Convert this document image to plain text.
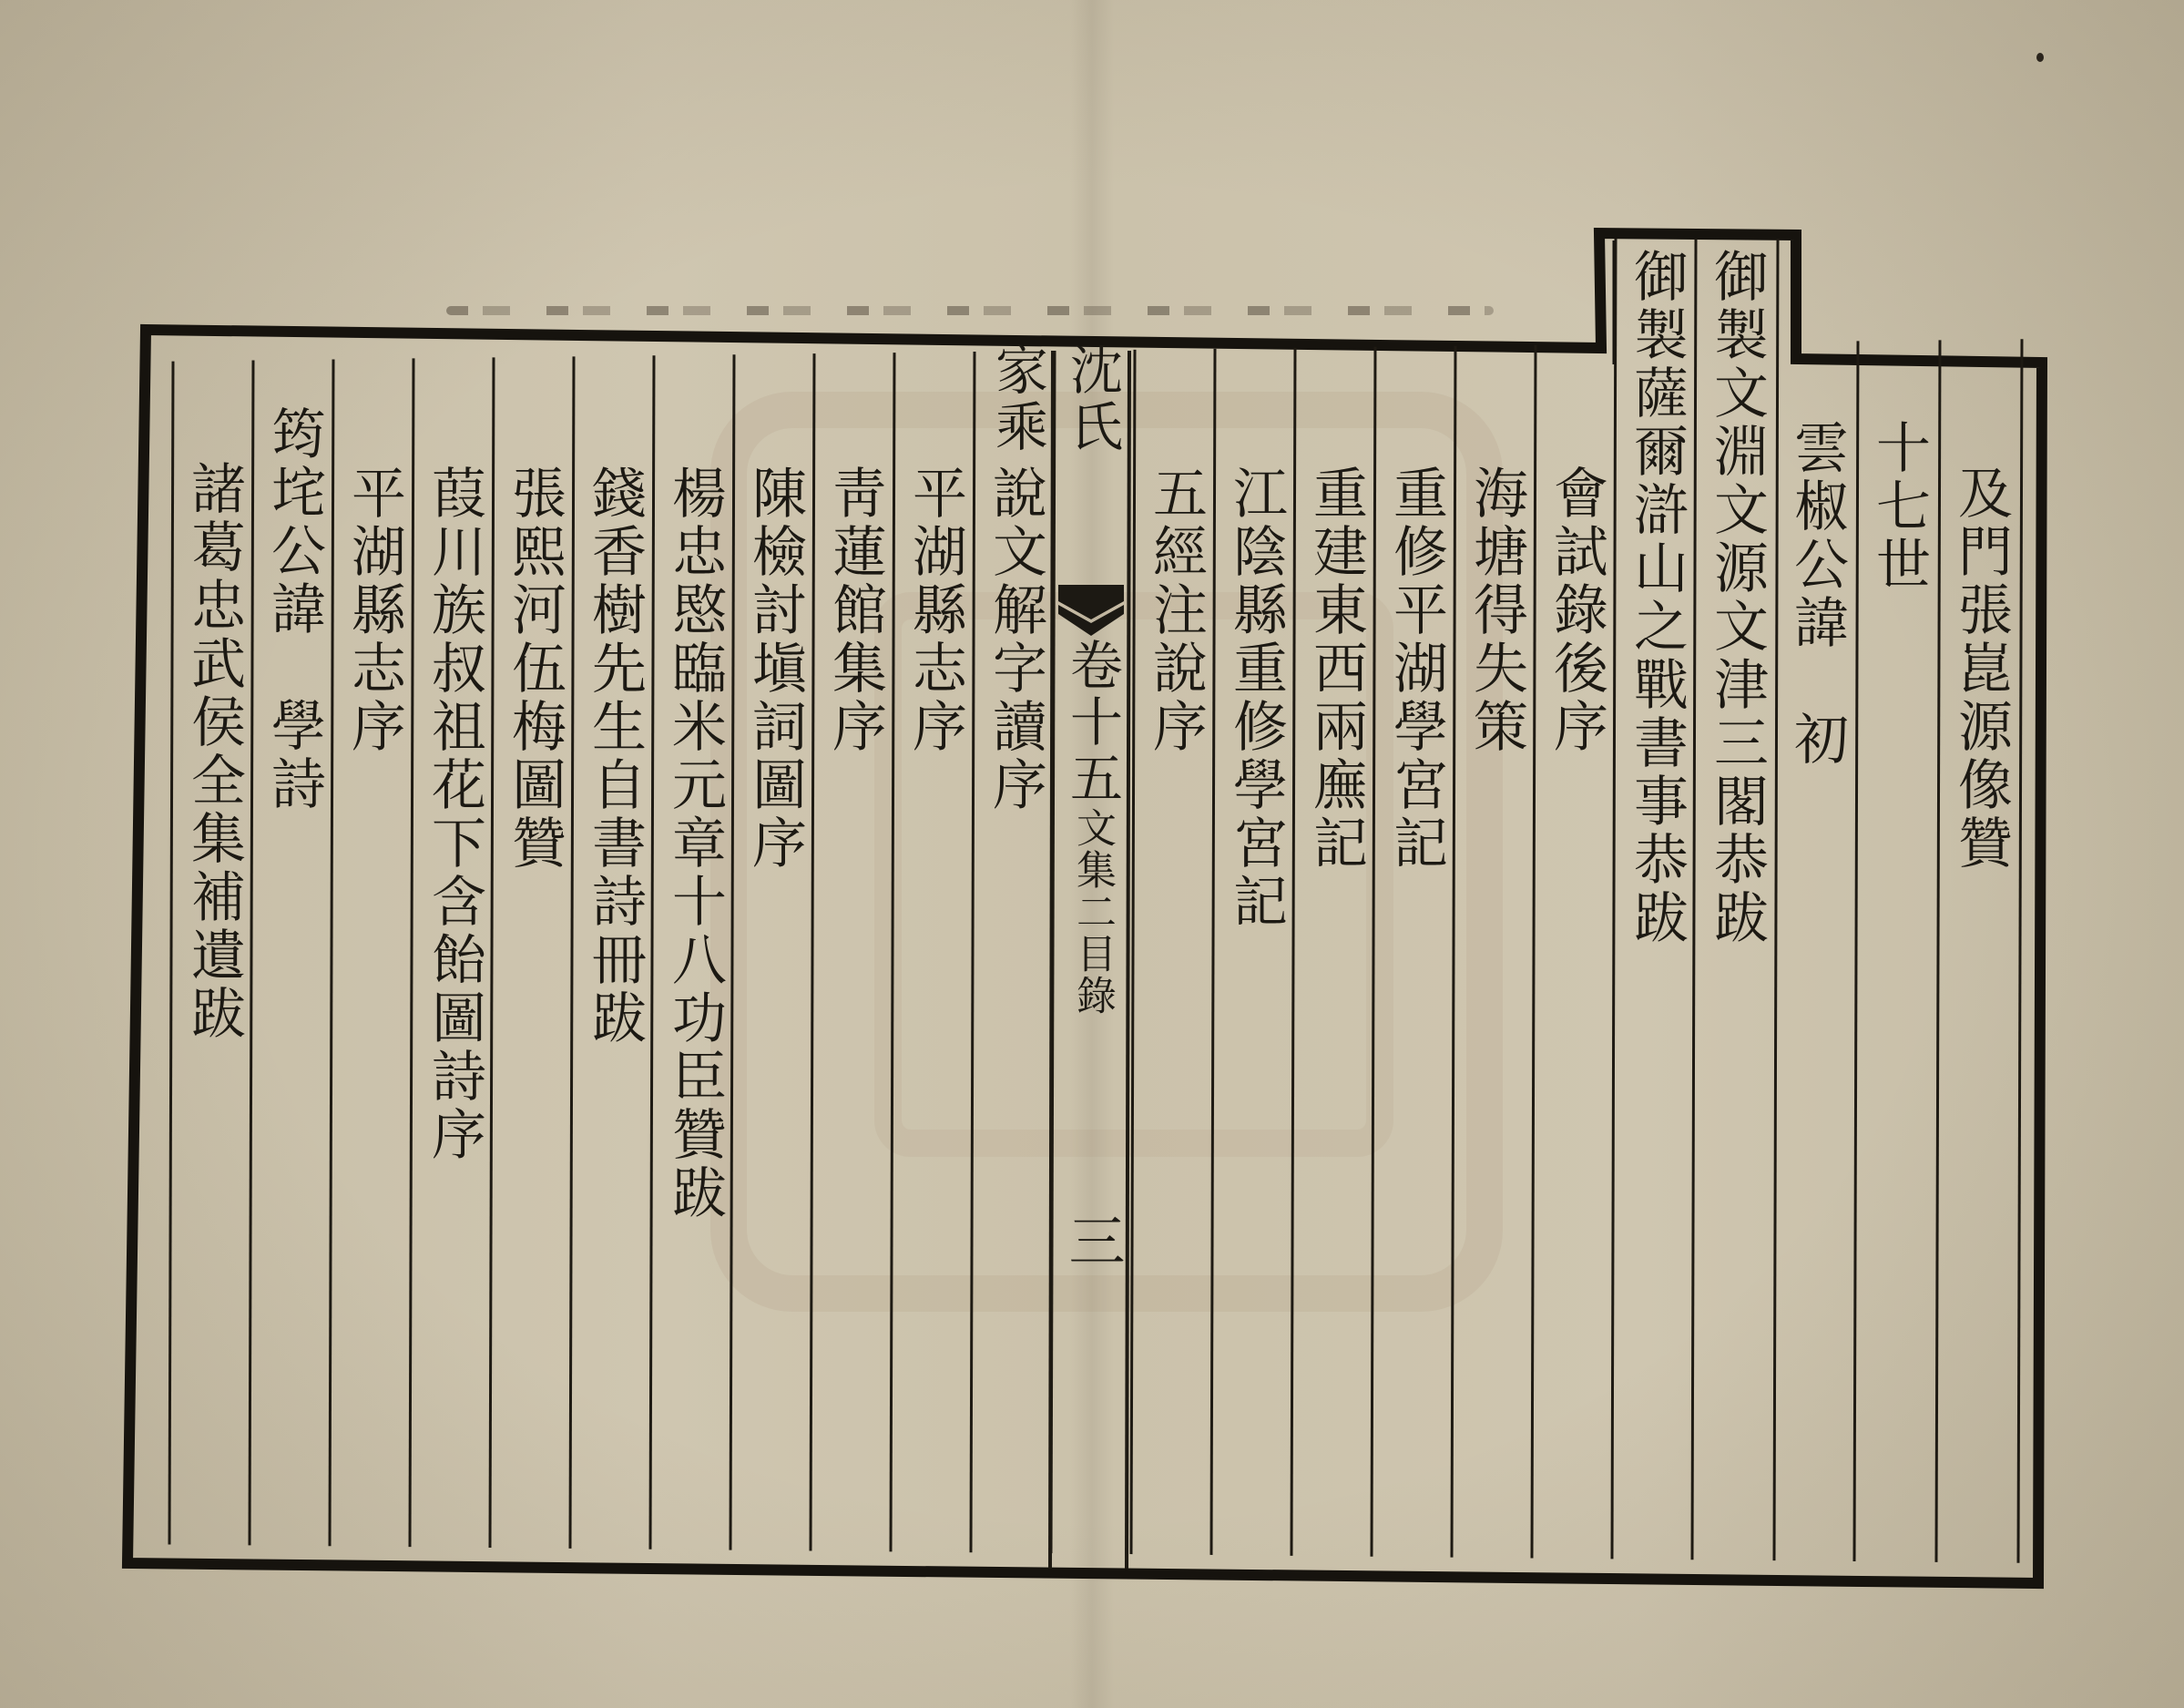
沈氏家乘
卷十五文集二目錄
三
及門張崑源像贊
十七世
雲椒公諱　初
御製文淵文源文津三閣恭跋
御製薩爾滸山之戰書事恭跋
會試錄後序
海塘得失策
重修平湖學宮記
重建東西兩廡記
江陰縣重修學宮記
五經注說序
說文解字讀序
平湖縣志序
靑蓮館集序
陳檢討塡詞圖序
楊忠愍臨米元章十八功臣贊跋
錢香樹先生自書詩冊跋
張熙河伍梅圖贊
葭川族叔祖花下含飴圖詩序
平湖縣志序
筠垞公諱　學詩
諸葛忠武侯全集補遺跋
